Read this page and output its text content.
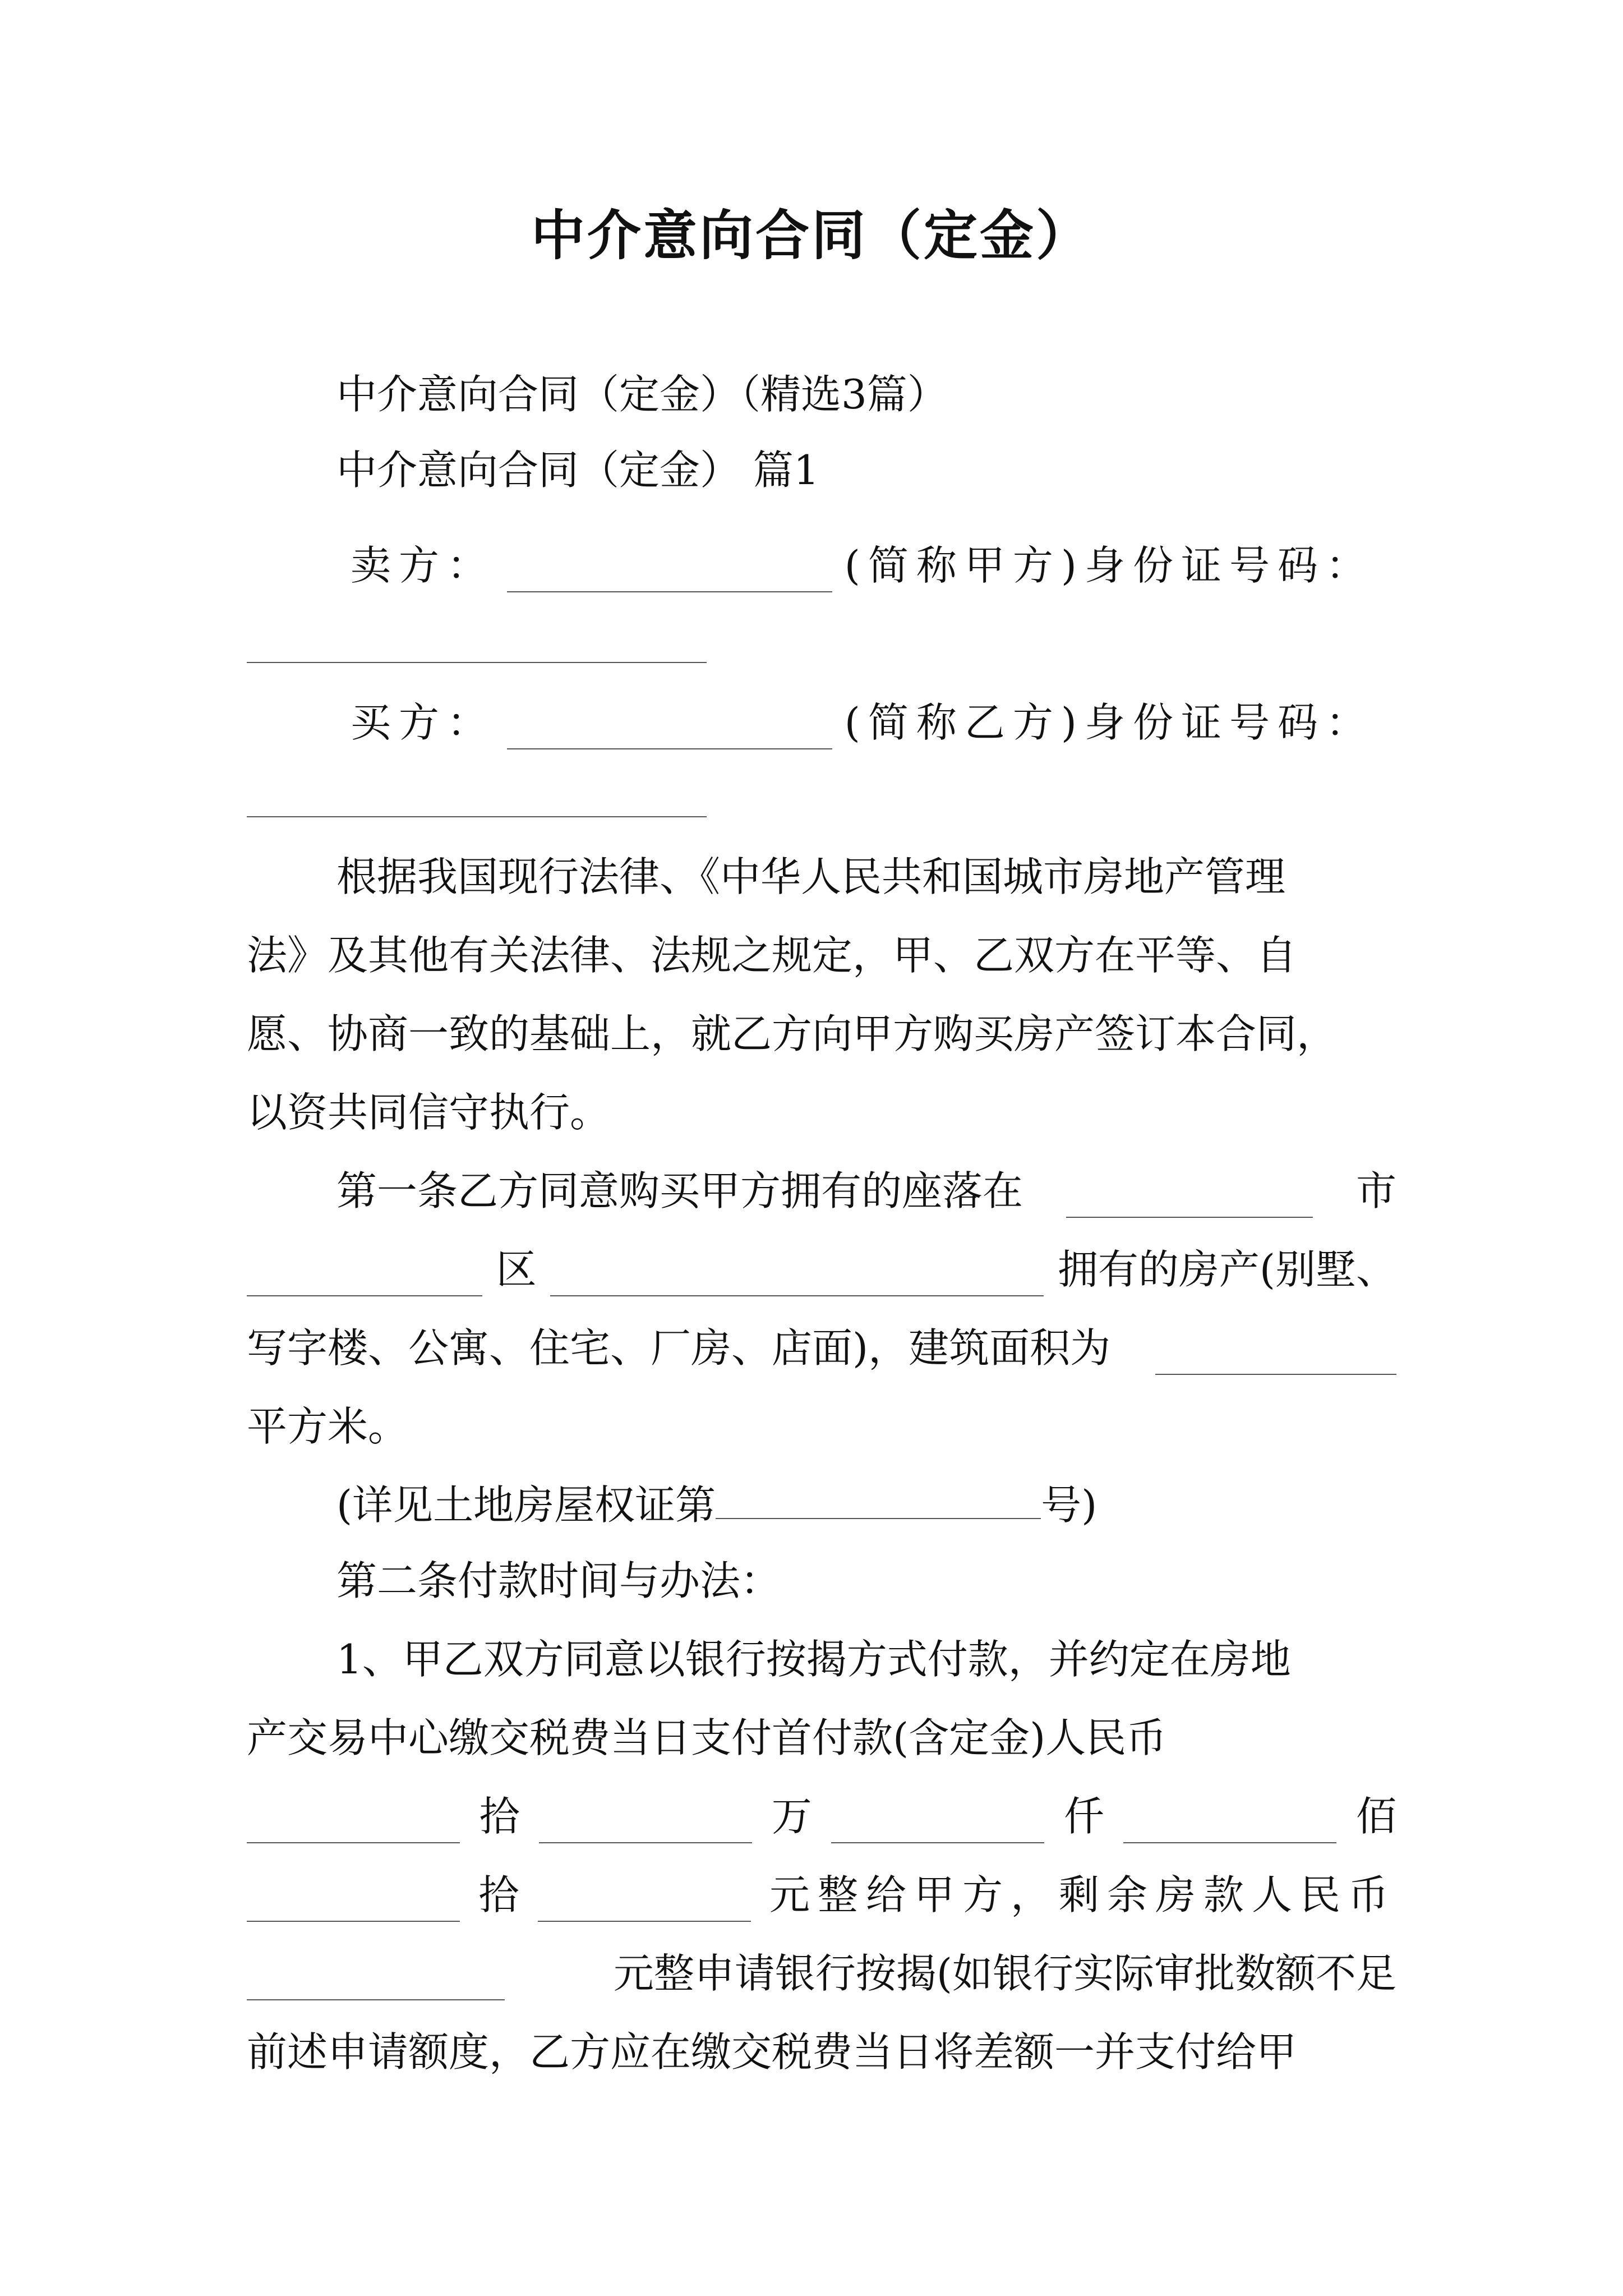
中介意向合同（定金）
中介意向合同（定金）（精选3篇）
中介意向合同（定金） 篇1
卖方：	(简称甲方)身份证号码：
买方：	(简称乙方)身份证号码：
根据我国现行法律、《中华人民共和国城市房地产管理
法》及其他有关法律、法规之规定，甲、乙双方在平等、自
愿、协商一致的基础上，就乙方向甲方购买房产签订本合同，
以资共同信守执行。
第一条乙方同意购买甲方拥有的座落在	市
区	拥有的房产(别墅、
写字楼、公寓、住宅、厂房、店面)，建筑面积为
平方米。
(详见土地房屋权证第	号)
第二条付款时间与办法：
1、甲乙双方同意以银行按揭方式付款，并约定在房地
产交易中心缴交税费当日支付首付款(含定金)人民币
拾	万	仟	佰
拾	元整给甲方，剩余房款人民币
元整申请银行按揭(如银行实际审批数额不足
前述申请额度，乙方应在缴交税费当日将差额一并支付给甲
